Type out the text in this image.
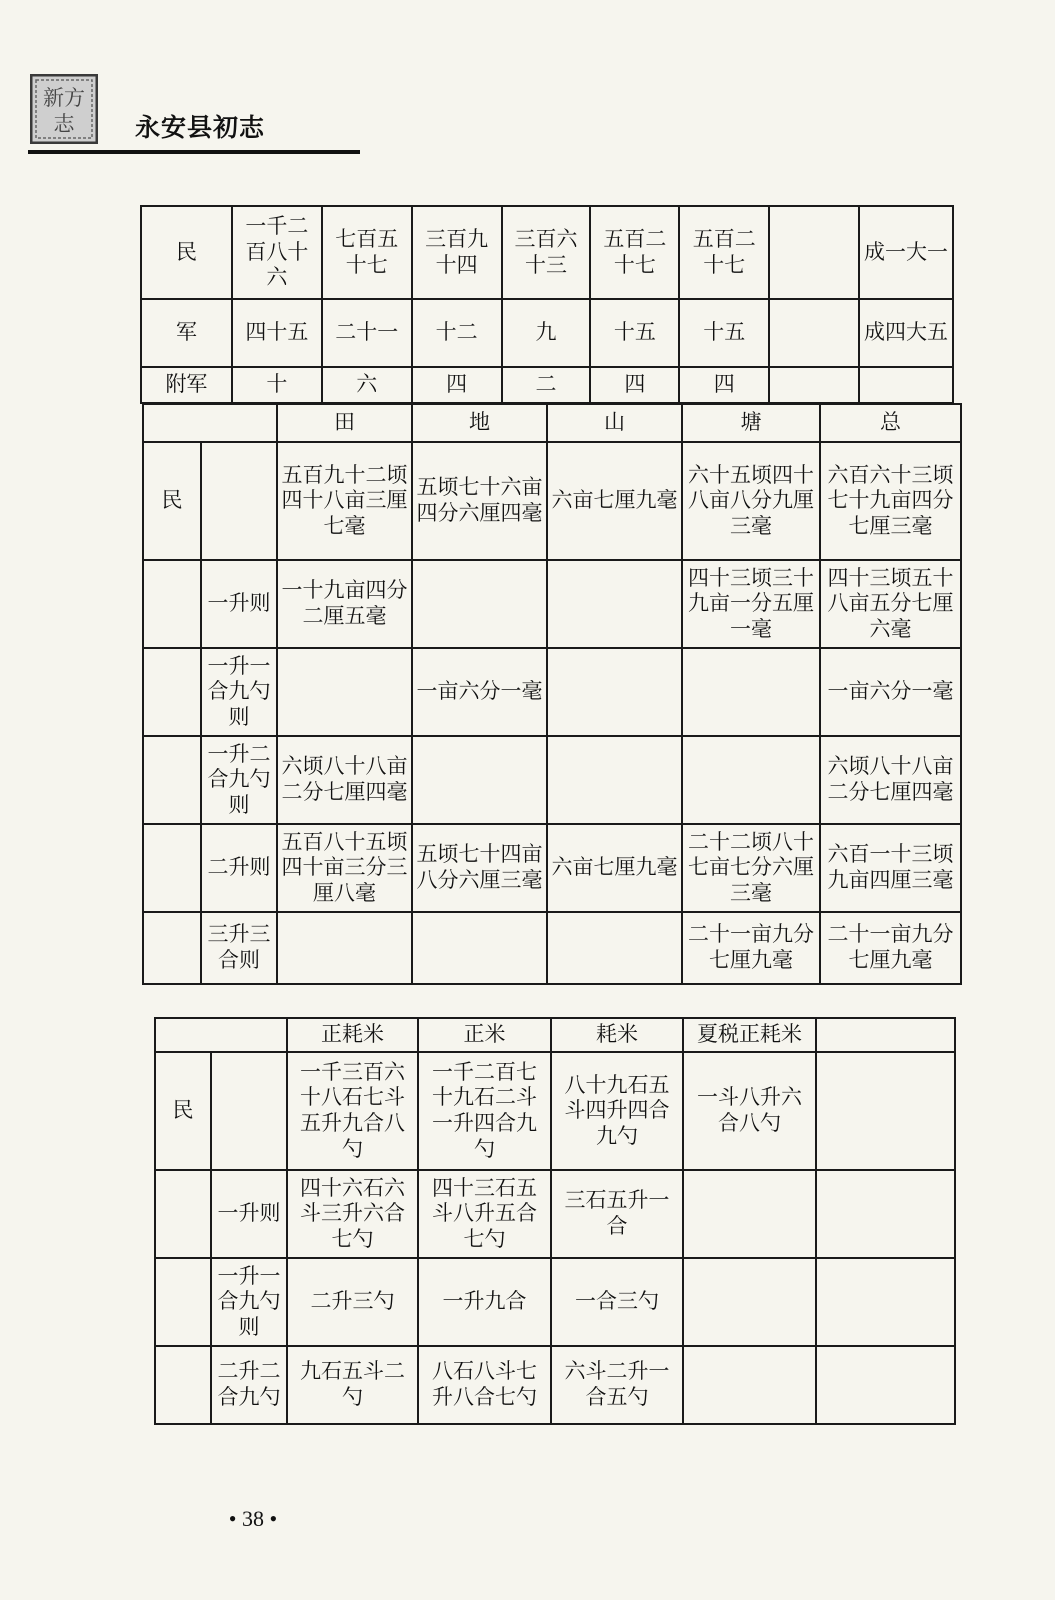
新方
志 永安县初志
民	一千二百八十六	七百五十七	三百九十四	三百六十三	五百二十七	五百二十七		成一大一
军	四十五	二十一	十二	九	十五	十五		成四大五
附军	十	六	四	二	四	四		
		田	地	山	塘	总
民		五百九十二顷四十八亩三厘七毫	五顷七十六亩四分六厘四毫	六亩七厘九毫	六十五顷四十八亩八分九厘三毫	六百六十三顷七十九亩四分七厘三毫
	一升则	一十九亩四分二厘五毫			四十三顷三十九亩一分五厘一毫	四十三顷五十八亩五分七厘六毫
	一升一合九勺则		一亩六分一毫			一亩六分一毫
	一升二合九勺则	六顷八十八亩二分七厘四毫				六顷八十八亩二分七厘四毫
	二升则	五百八十五顷四十亩三分三厘八毫	五顷七十四亩八分六厘三毫	六亩七厘九毫	二十二顷八十七亩七分六厘三毫	六百一十三顷九亩四厘三毫
	三升三合则				二十一亩九分七厘九毫	二十一亩九分七厘九毫
		正耗米	正米	耗米	夏税正耗米	
民		一千三百六十八石七斗五升九合八勺	一千二百七十九石二斗一升四合九勺	八十九石五斗四升四合九勺	一斗八升六合八勺	
	一升则	四十六石六斗三升六合七勺	四十三石五斗八升五合七勺	三石五升一合		
	一升一合九勺则	二升三勺	一升九合	一合三勺		
	二升二合九勺	九石五斗二勺	八石八斗七升八合七勺	六斗二升一合五勺		
• 38 •
